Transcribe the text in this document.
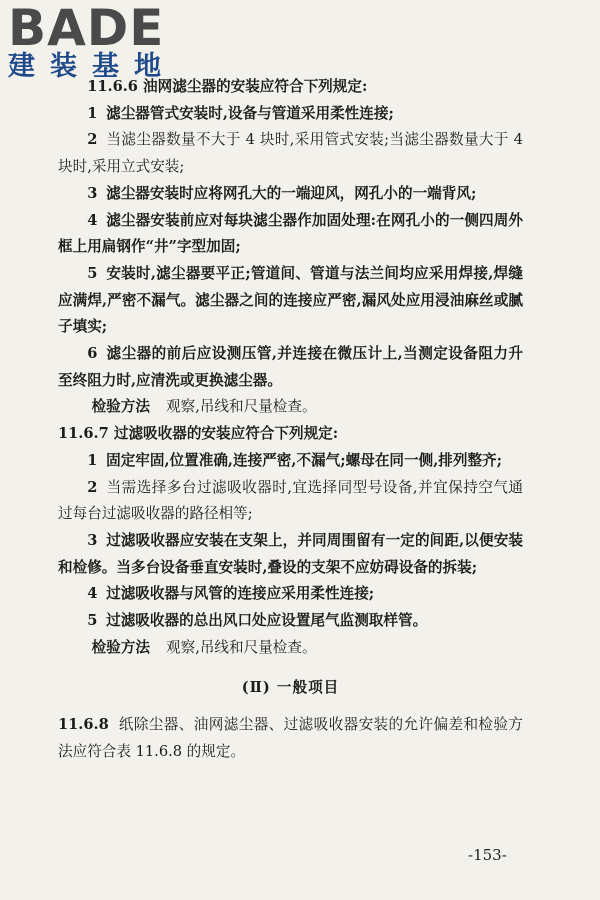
BADE
建装基地

11.6.6 油网滤尘器的安装应符合下列规定:

1 滤尘器管式安装时,设备与管道采用柔性连接;

2 当滤尘器数量不大于 4 块时,采用管式安装;当滤尘器数量大于 4 块时,采用立式安装;

3 滤尘器安装时应将网孔大的一端迎风，网孔小的一端背风;

4 滤尘器安装前应对每块滤尘器作加固处理:在网孔小的一侧四周外框上用扁钢作“井”字型加固;

5 安装时,滤尘器要平正;管道间、管道与法兰间均应采用焊接,焊缝应满焊,严密不漏气。滤尘器之间的连接应严密,漏风处应用浸油麻丝或腻子填实;

6 滤尘器的前后应设测压管,并连接在微压计上,当测定设备阻力升至终阻力时,应清洗或更换滤尘器。

检验方法 观察,吊线和尺量检查。

11.6.7 过滤吸收器的安装应符合下列规定:

1 固定牢固,位置准确,连接严密,不漏气;螺母在同一侧,排列整齐;

2 当需选择多台过滤吸收器时,宜选择同型号设备,并宜保持空气通过每台过滤吸收器的路径相等;

3 过滤吸收器应安装在支架上，并同周围留有一定的间距,以便安装和检修。当多台设备垂直安装时,叠设的支架不应妨碍设备的拆装;

4 过滤吸收器与风管的连接应采用柔性连接;

5 过滤吸收器的总出风口处应设置尾气监测取样管。

检验方法 观察,吊线和尺量检查。

(Ⅱ) 一般项目

11.6.8 纸除尘器、油网滤尘器、过滤吸收器安装的允许偏差和检验方法应符合表 11.6.8 的规定。

-153-
